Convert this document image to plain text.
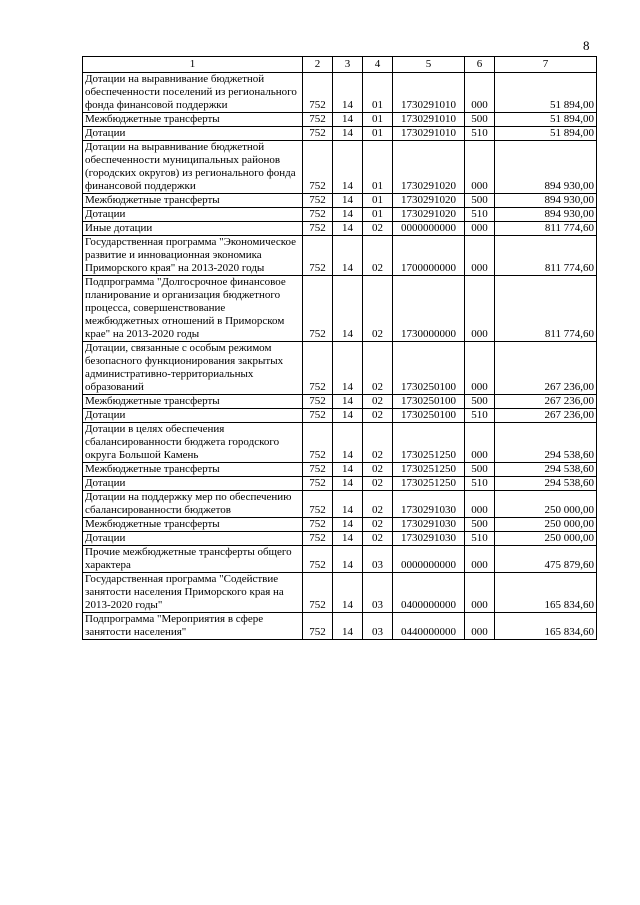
8
1	2	3	4	5	6	7
Дотации на выравнивание бюджетной обеспеченности поселений из регионального фонда финансовой поддержки	752	14	01	1730291010	000	51 894,00
Межбюджетные трансферты	752	14	01	1730291010	500	51 894,00
Дотации	752	14	01	1730291010	510	51 894,00
Дотации на выравнивание бюджетной обеспеченности муниципальных районов (городских округов) из регионального фонда финансовой поддержки	752	14	01	1730291020	000	894 930,00
Межбюджетные трансферты	752	14	01	1730291020	500	894 930,00
Дотации	752	14	01	1730291020	510	894 930,00
Иные дотации	752	14	02	0000000000	000	811 774,60
Государственная программа "Экономическое развитие и инновационная экономика Приморского края" на 2013-2020 годы	752	14	02	1700000000	000	811 774,60
Подпрограмма "Долгосрочное финансовое планирование и организация бюджетного процесса, совершенствование межбюджетных отношений в Приморском крае" на 2013-2020 годы	752	14	02	1730000000	000	811 774,60
Дотации, связанные с особым режимом безопасного функционирования закрытых административно-территориальных образований	752	14	02	1730250100	000	267 236,00
Межбюджетные трансферты	752	14	02	1730250100	500	267 236,00
Дотации	752	14	02	1730250100	510	267 236,00
Дотации в целях обеспечения сбалансированности бюджета городского округа Большой Камень	752	14	02	1730251250	000	294 538,60
Межбюджетные трансферты	752	14	02	1730251250	500	294 538,60
Дотации	752	14	02	1730251250	510	294 538,60
Дотации на поддержку мер по обеспечению сбалансированности бюджетов	752	14	02	1730291030	000	250 000,00
Межбюджетные трансферты	752	14	02	1730291030	500	250 000,00
Дотации	752	14	02	1730291030	510	250 000,00
Прочие межбюджетные трансферты общего характера	752	14	03	0000000000	000	475 879,60
Государственная программа "Содействие занятости населения Приморского края на 2013-2020 годы"	752	14	03	0400000000	000	165 834,60
Подпрограмма "Мероприятия в сфере занятости населения"	752	14	03	0440000000	000	165 834,60
